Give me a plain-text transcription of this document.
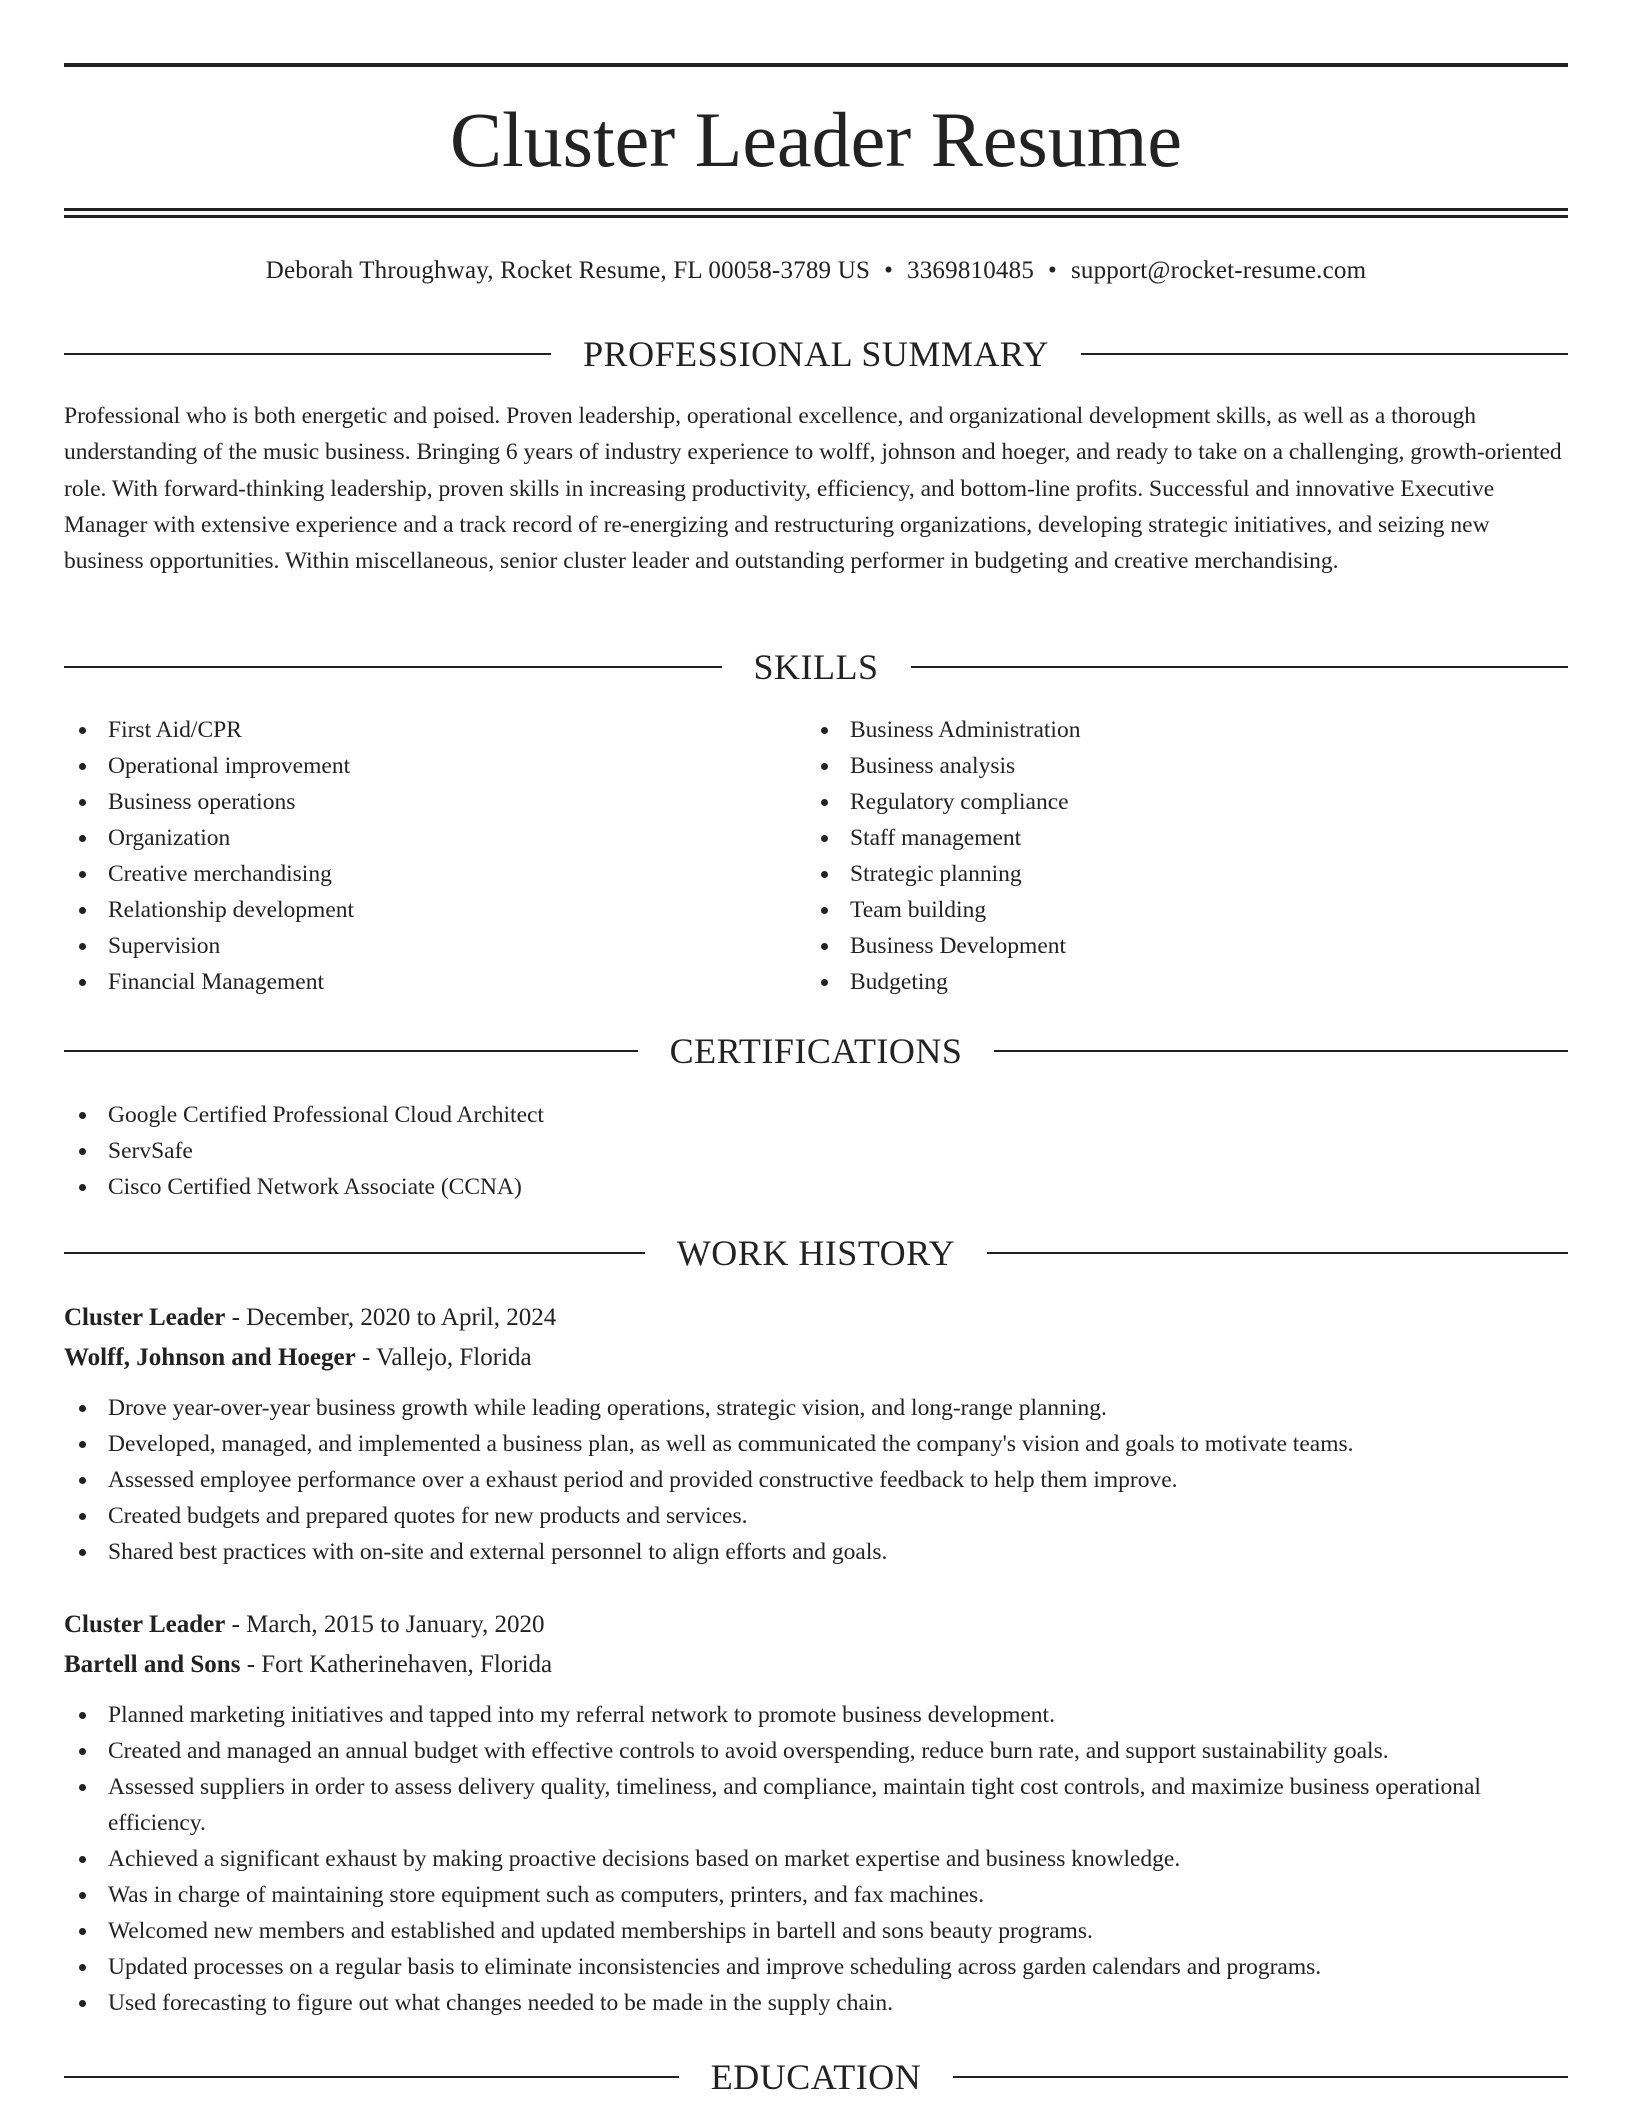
Cluster Leader Resume
Deborah Throughway, Rocket Resume, FL 00058-3789 US • 3369810485 • support@rocket-resume.com
PROFESSIONAL SUMMARY

Professional who is both energetic and poised. Proven leadership, operational excellence, and organizational development skills, as well as a thorough understanding of the music business. Bringing 6 years of industry experience to wolff, johnson and hoeger, and ready to take on a challenging, growth-oriented role. With forward-thinking leadership, proven skills in increasing productivity, efficiency, and bottom-line profits. Successful and innovative Executive Manager with extensive experience and a track record of re-energizing and restructuring organizations, developing strategic initiatives, and seizing new business opportunities. Within miscellaneous, senior cluster leader and outstanding performer in budgeting and creative merchandising.

SKILLS
First Aid/CPR
Operational improvement
Business operations
Organization
Creative merchandising
Relationship development
Supervision
Financial Management
Business Administration
Business analysis
Regulatory compliance
Staff management
Strategic planning
Team building
Business Development
Budgeting
CERTIFICATIONS
Google Certified Professional Cloud Architect
ServSafe
Cisco Certified Network Associate (CCNA)
WORK HISTORY
Cluster Leader - December, 2020 to April, 2024
Wolff, Johnson and Hoeger - Vallejo, Florida
Drove year-over-year business growth while leading operations, strategic vision, and long-range planning.
Developed, managed, and implemented a business plan, as well as communicated the company's vision and goals to motivate teams.
Assessed employee performance over a exhaust period and provided constructive feedback to help them improve.
Created budgets and prepared quotes for new products and services.
Shared best practices with on-site and external personnel to align efforts and goals.
Cluster Leader - March, 2015 to January, 2020
Bartell and Sons - Fort Katherinehaven, Florida
Planned marketing initiatives and tapped into my referral network to promote business development.
Created and managed an annual budget with effective controls to avoid overspending, reduce burn rate, and support sustainability goals.
Assessed suppliers in order to assess delivery quality, timeliness, and compliance, maintain tight cost controls, and maximize business operational efficiency.
Achieved a significant exhaust by making proactive decisions based on market expertise and business knowledge.
Was in charge of maintaining store equipment such as computers, printers, and fax machines.
Welcomed new members and established and updated memberships in bartell and sons beauty programs.
Updated processes on a regular basis to eliminate inconsistencies and improve scheduling across garden calendars and programs.
Used forecasting to figure out what changes needed to be made in the supply chain.
EDUCATION
